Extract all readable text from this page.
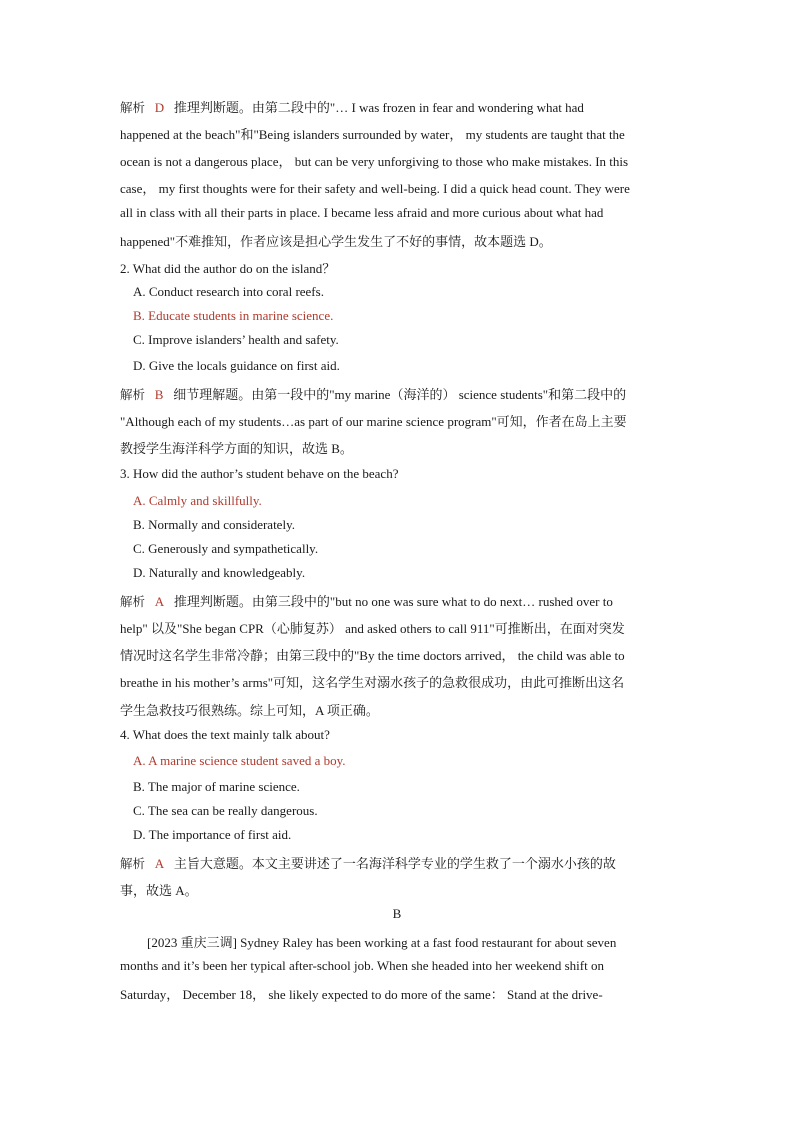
解析 D 推理判断题。由第二段中的"… I was frozen in fear and wondering what had
happened at the beach"和"Being islanders surrounded by water， my students are taught that the
ocean is not a dangerous place， but can be very unforgiving to those who make mistakes. In this
case， my first thoughts were for their safety and well-being. I did a quick head count. They were
all in class with all their parts in place. I became less afraid and more curious about what had
happened"不难推知，作者应该是担心学生发生了不好的事情，故本题选 D。
2. What did the author do on the island？
A. Conduct research into coral reefs.
B. Educate students in marine science.
C. Improve islanders’ health and safety.
D. Give the locals guidance on first aid.
解析 B 细节理解题。由第一段中的"my marine（海洋的） science students"和第二段中的
"Although each of my students…as part of our marine science program"可知，作者在岛上主要
教授学生海洋科学方面的知识，故选 B。
3. How did the author’s student behave on the beach?
A. Calmly and skillfully.
B. Normally and considerately.
C. Generously and sympathetically.
D. Naturally and knowledgeably.
解析 A 推理判断题。由第三段中的"but no one was sure what to do next… rushed over to
help" 以及"She began CPR（心肺复苏） and asked others to call 911"可推断出，在面对突发
情况时这名学生非常冷静；由第三段中的"By the time doctors arrived， the child was able to
breathe in his mother’s arms"可知，这名学生对溺水孩子的急救很成功，由此可推断出这名
学生急救技巧很熟练。综上可知，A 项正确。
4. What does the text mainly talk about?
A. A marine science student saved a boy.
B. The major of marine science.
C. The sea can be really dangerous.
D. The importance of first aid.
解析 A 主旨大意题。本文主要讲述了一名海洋科学专业的学生救了一个溺水小孩的故
事，故选 A。
B
[2023 重庆三调] Sydney Raley has been working at a fast food restaurant for about seven
months and it’s been her typical after-school job. When she headed into her weekend shift on
Saturday， December 18， she likely expected to do more of the same： Stand at the drive-
